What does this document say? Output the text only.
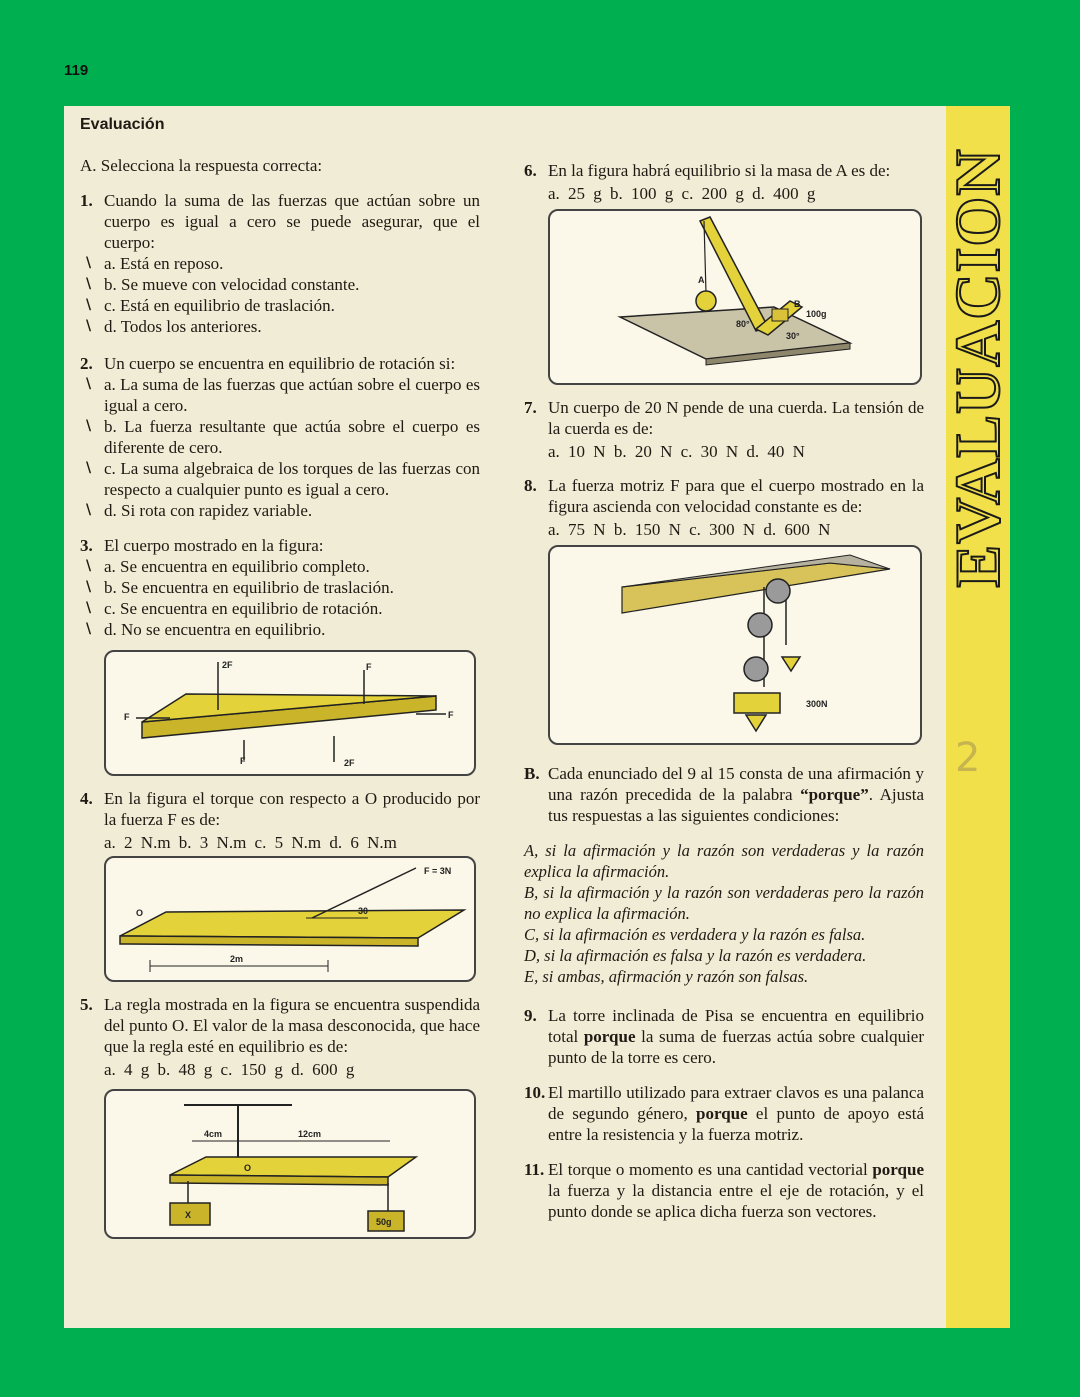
119
EVALUACION
2

Evaluación

A. Selecciona la respuesta correcta:

1. Cuando la suma de las fuerzas que actúan sobre un cuerpo es igual a cero se puede asegurar, que el cuerpo:
\ a. Está en reposo.
\ b. Se mueve con velocidad constante.
\ c. Está en equilibrio de traslación.
\ d. Todos los anteriores.
2. Un cuerpo se encuentra en equilibrio de rotación si:
\ a. La suma de las fuerzas que actúan sobre el cuerpo es igual a cero.
\ b. La fuerza resultante que actúa sobre el cuerpo es diferente de cero.
\ c. La suma algebraica de los torques de las fuerzas con respecto a cualquier punto es igual a cero.
\ d. Si rota con rapidez variable.
3. El cuerpo mostrado en la figura:
\ a. Se encuentra en equilibrio completo.
\ b. Se encuentra en equilibrio de traslación.
\ c. Se encuentra en equilibrio de rotación.
\ d. No se encuentra en equilibrio.
2F	F
F	F
F	2F
4. En la figura el torque con respecto a O producido por la fuerza F es de:
a. 2 N.m b. 3 N.m c. 5 N.m d. 6 N.m
F = 3N
30
O
2m
5. La regla mostrada en la figura se encuentra suspendida del punto O. El valor de la masa desconocida, que hace que la regla esté en equilibrio es de:
a. 4 g b. 48 g c. 150 g d. 600 g
4cm	12cm
O
X
50g
6. En la figura habrá equilibrio si la masa de A es de:
a. 25 g b. 100 g c. 200 g d. 400 g
A
80°
30°
100g
B
7. Un cuerpo de 20 N pende de una cuerda. La tensión de la cuerda es de:
a. 10 N b. 20 N c. 30 N d. 40 N
8. La fuerza motriz F para que el cuerpo mostrado en la figura ascienda con velocidad constante es de:
a. 75 N b. 150 N c. 300 N d. 600 N
300N
B. Cada enunciado del 9 al 15 consta de una afirmación y una razón precedida de la palabra “porque”. Ajusta tus respuestas a las siguientes condiciones:
A, si la afirmación y la razón son verdaderas y la razón explica la afirmación.
B, si la afirmación y la razón son verdaderas pero la razón no explica la afirmación.
C, si la afirmación es verdadera y la razón es falsa.
D, si la afirmación es falsa y la razón es verdadera.
E, si ambas, afirmación y razón son falsas.
9. La torre inclinada de Pisa se encuentra en equilibrio total porque la suma de fuerzas actúa sobre cualquier punto de la torre es cero.
10. El martillo utilizado para extraer clavos es una palanca de segundo género, porque el punto de apoyo está entre la resistencia y la fuerza motriz.
11. El torque o momento es una cantidad vectorial porque la fuerza y la distancia entre el eje de rotación, y el punto donde se aplica dicha fuerza son vectores.
